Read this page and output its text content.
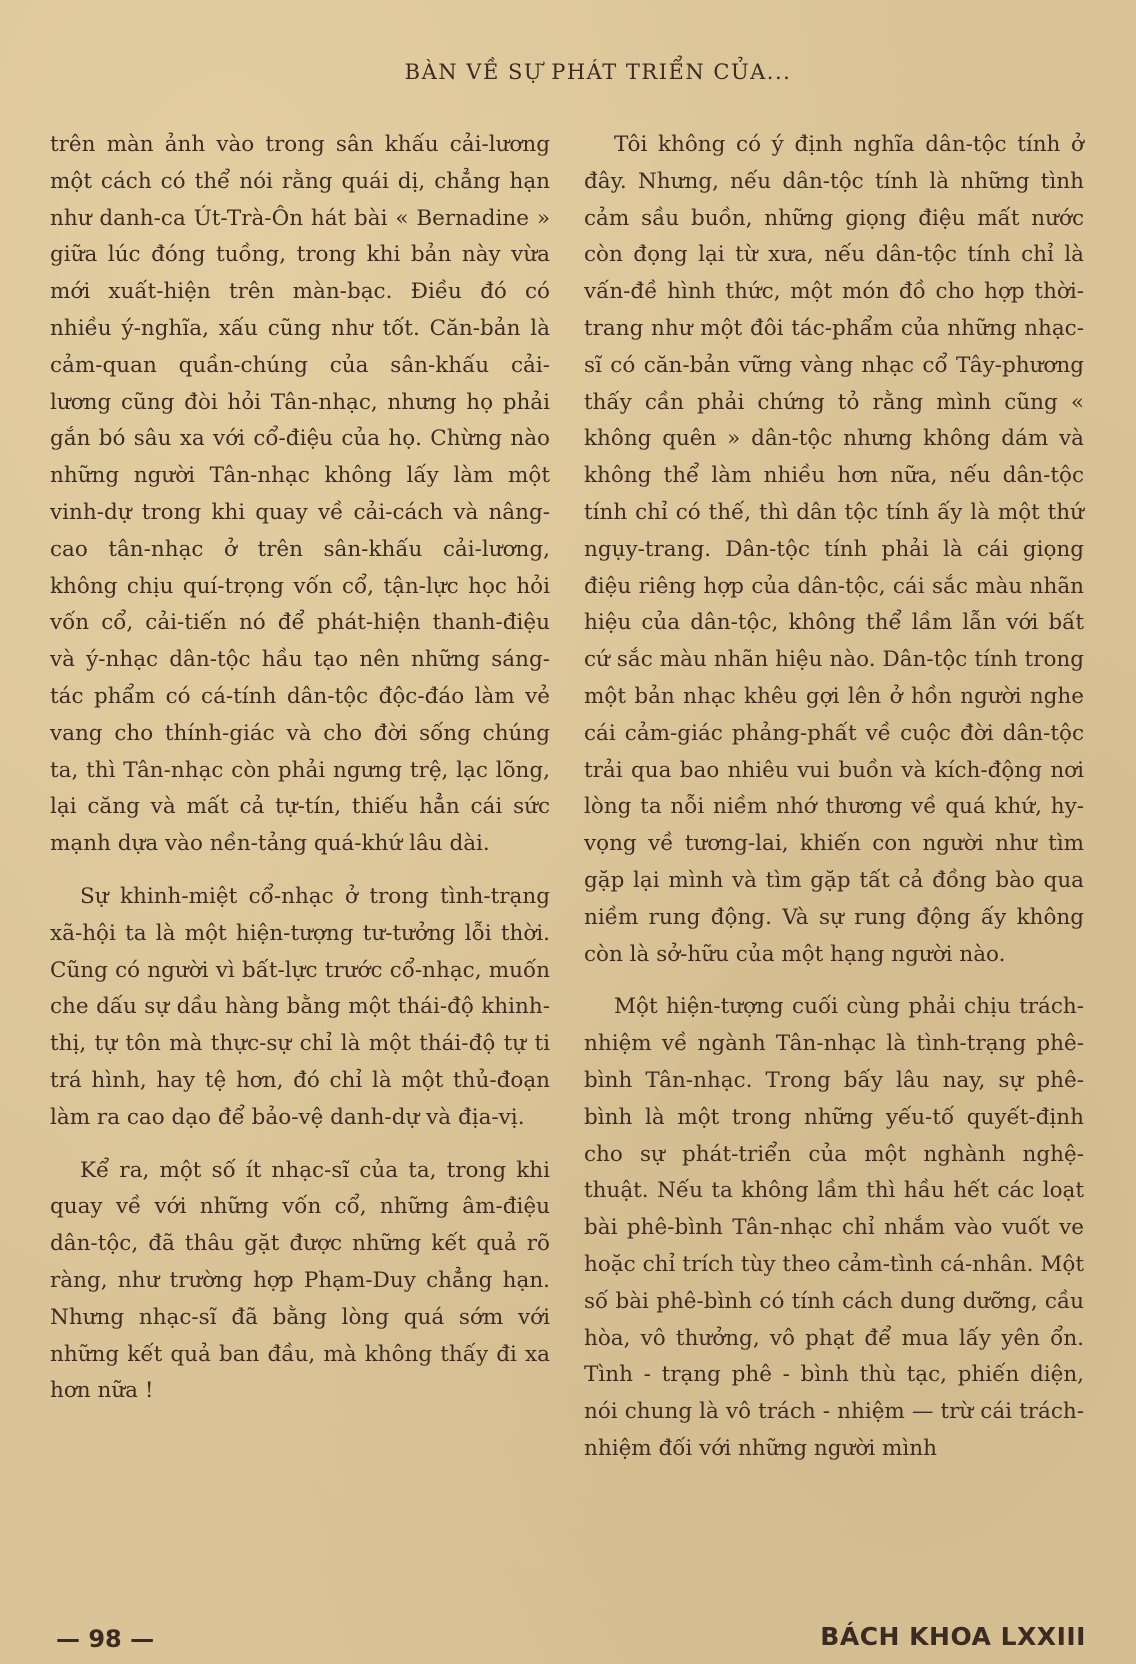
BÀN VỀ SỰ PHÁT TRIỂN CỦA...

trên màn ảnh vào trong sân khấu cải-lương một cách có thể nói rằng quái dị, chẳng hạn như danh-ca Út-Trà-Ôn hát bài « Bernadine » giữa lúc đóng tuồng, trong khi bản này vừa mới xuất-hiện trên màn-bạc. Điều đó có nhiều ý-nghĩa, xấu cũng như tốt. Căn-bản là cảm-quan quần-chúng của sân-khấu cải-lương cũng đòi hỏi Tân-nhạc, nhưng họ phải gắn bó sâu xa với cổ-điệu của họ. Chừng nào những người Tân-nhạc không lấy làm một vinh-dự trong khi quay về cải-cách và nâng-cao tân-nhạc ở trên sân-khấu cải-lương, không chịu quí-trọng vốn cổ, tận-lực học hỏi vốn cổ, cải-tiến nó để phát-hiện thanh-điệu và ý-nhạc dân-tộc hầu tạo nên những sáng-tác phẩm có cá-tính dân-tộc độc-đáo làm vẻ vang cho thính-giác và cho đời sống chúng ta, thì Tân-nhạc còn phải ngưng trệ, lạc lõng, lại căng và mất cả tự-tín, thiếu hẳn cái sức mạnh dựa vào nền-tảng quá-khứ lâu dài.

Sự khinh-miệt cổ-nhạc ở trong tình-trạng xã-hội ta là một hiện-tượng tư-tưởng lỗi thời. Cũng có người vì bất-lực trước cổ-nhạc, muốn che dấu sự dầu hàng bằng một thái-độ khinh-thị, tự tôn mà thực-sự chỉ là một thái-độ tự ti trá hình, hay tệ hơn, đó chỉ là một thủ-đoạn làm ra cao dạo để bảo-vệ danh-dự và địa-vị.

Kể ra, một số ít nhạc-sĩ của ta, trong khi quay về với những vốn cổ, những âm-điệu dân-tộc, đã thâu gặt được những kết quả rõ ràng, như trường hợp Phạm-Duy chẳng hạn. Nhưng nhạc-sĩ đã bằng lòng quá sớm với những kết quả ban đầu, mà không thấy đi xa hơn nữa !

Tôi không có ý định nghĩa dân-tộc tính ở đây. Nhưng, nếu dân-tộc tính là những tình cảm sầu buồn, những giọng điệu mất nước còn đọng lại từ xưa, nếu dân-tộc tính chỉ là vấn-đề hình thức, một món đồ cho hợp thời-trang như một đôi tác-phẩm của những nhạc-sĩ có căn-bản vững vàng nhạc cổ Tây-phương thấy cần phải chứng tỏ rằng mình cũng « không quên » dân-tộc nhưng không dám và không thể làm nhiều hơn nữa, nếu dân-tộc tính chỉ có thế, thì dân tộc tính ấy là một thứ ngụy-trang. Dân-tộc tính phải là cái giọng điệu riêng hợp của dân-tộc, cái sắc màu nhãn hiệu của dân-tộc, không thể lầm lẫn với bất cứ sắc màu nhãn hiệu nào. Dân-tộc tính trong một bản nhạc khêu gợi lên ở hồn người nghe cái cảm-giác phảng-phất về cuộc đời dân-tộc trải qua bao nhiêu vui buồn và kích-động nơi lòng ta nỗi niềm nhớ thương về quá khứ, hy-vọng về tương-lai, khiến con người như tìm gặp lại mình và tìm gặp tất cả đồng bào qua niềm rung động. Và sự rung động ấy không còn là sở-hữu của một hạng người nào.

Một hiện-tượng cuối cùng phải chịu trách-nhiệm về ngành Tân-nhạc là tình-trạng phê-bình Tân-nhạc. Trong bấy lâu nay, sự phê-bình là một trong những yếu-tố quyết-định cho sự phát-triển của một nghành nghệ-thuật. Nếu ta không lầm thì hầu hết các loạt bài phê-bình Tân-nhạc chỉ nhắm vào vuốt ve hoặc chỉ trích tùy theo cảm-tình cá-nhân. Một số bài phê-bình có tính cách dung dưỡng, cầu hòa, vô thưởng, vô phạt để mua lấy yên ổn. Tình - trạng phê - bình thù tạc, phiến diện, nói chung là vô trách - nhiệm — trừ cái trách-nhiệm đối với những người mình

— 98 —	BÁCH KHOA LXXIII
